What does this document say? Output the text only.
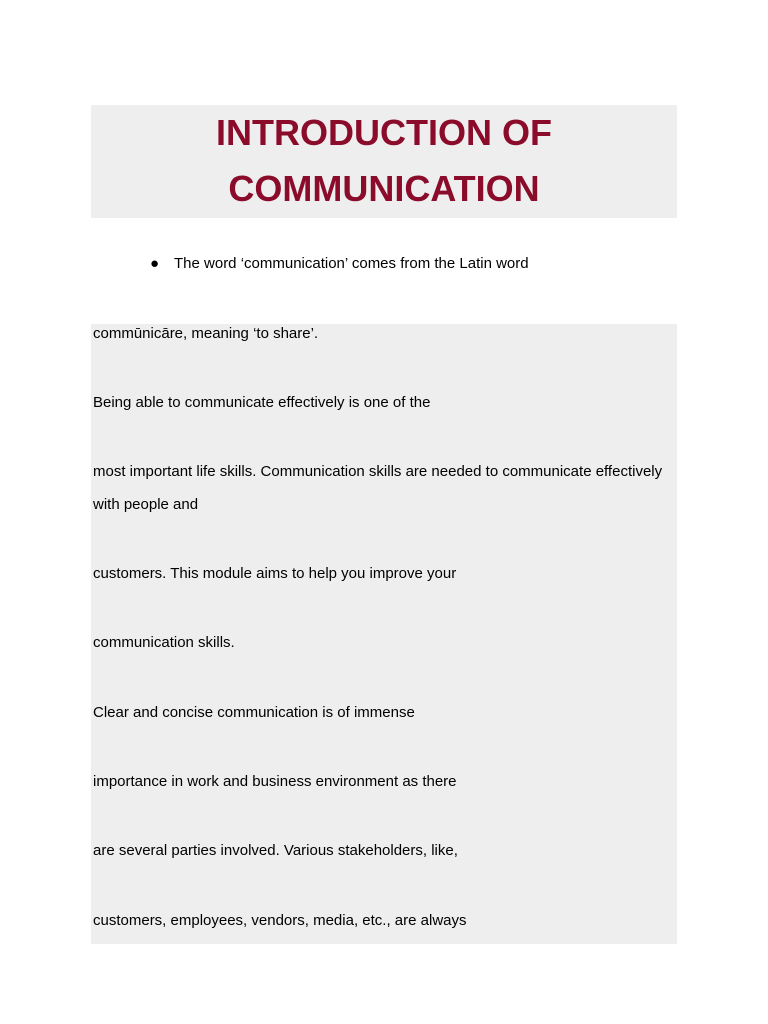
INTRODUCTION OF
COMMUNICATION
● The word ‘communication’ comes from the Latin word

commūnicāre, meaning ‘to share’.

Being able to communicate effectively is one of the

most important life skills. Communication skills are needed to communicate effectively with people and

customers. This module aims to help you improve your

communication skills.

Clear and concise communication is of immense

importance in work and business environment as there

are several parties involved. Various stakeholders, like,

customers, employees, vendors, media, etc., are always
